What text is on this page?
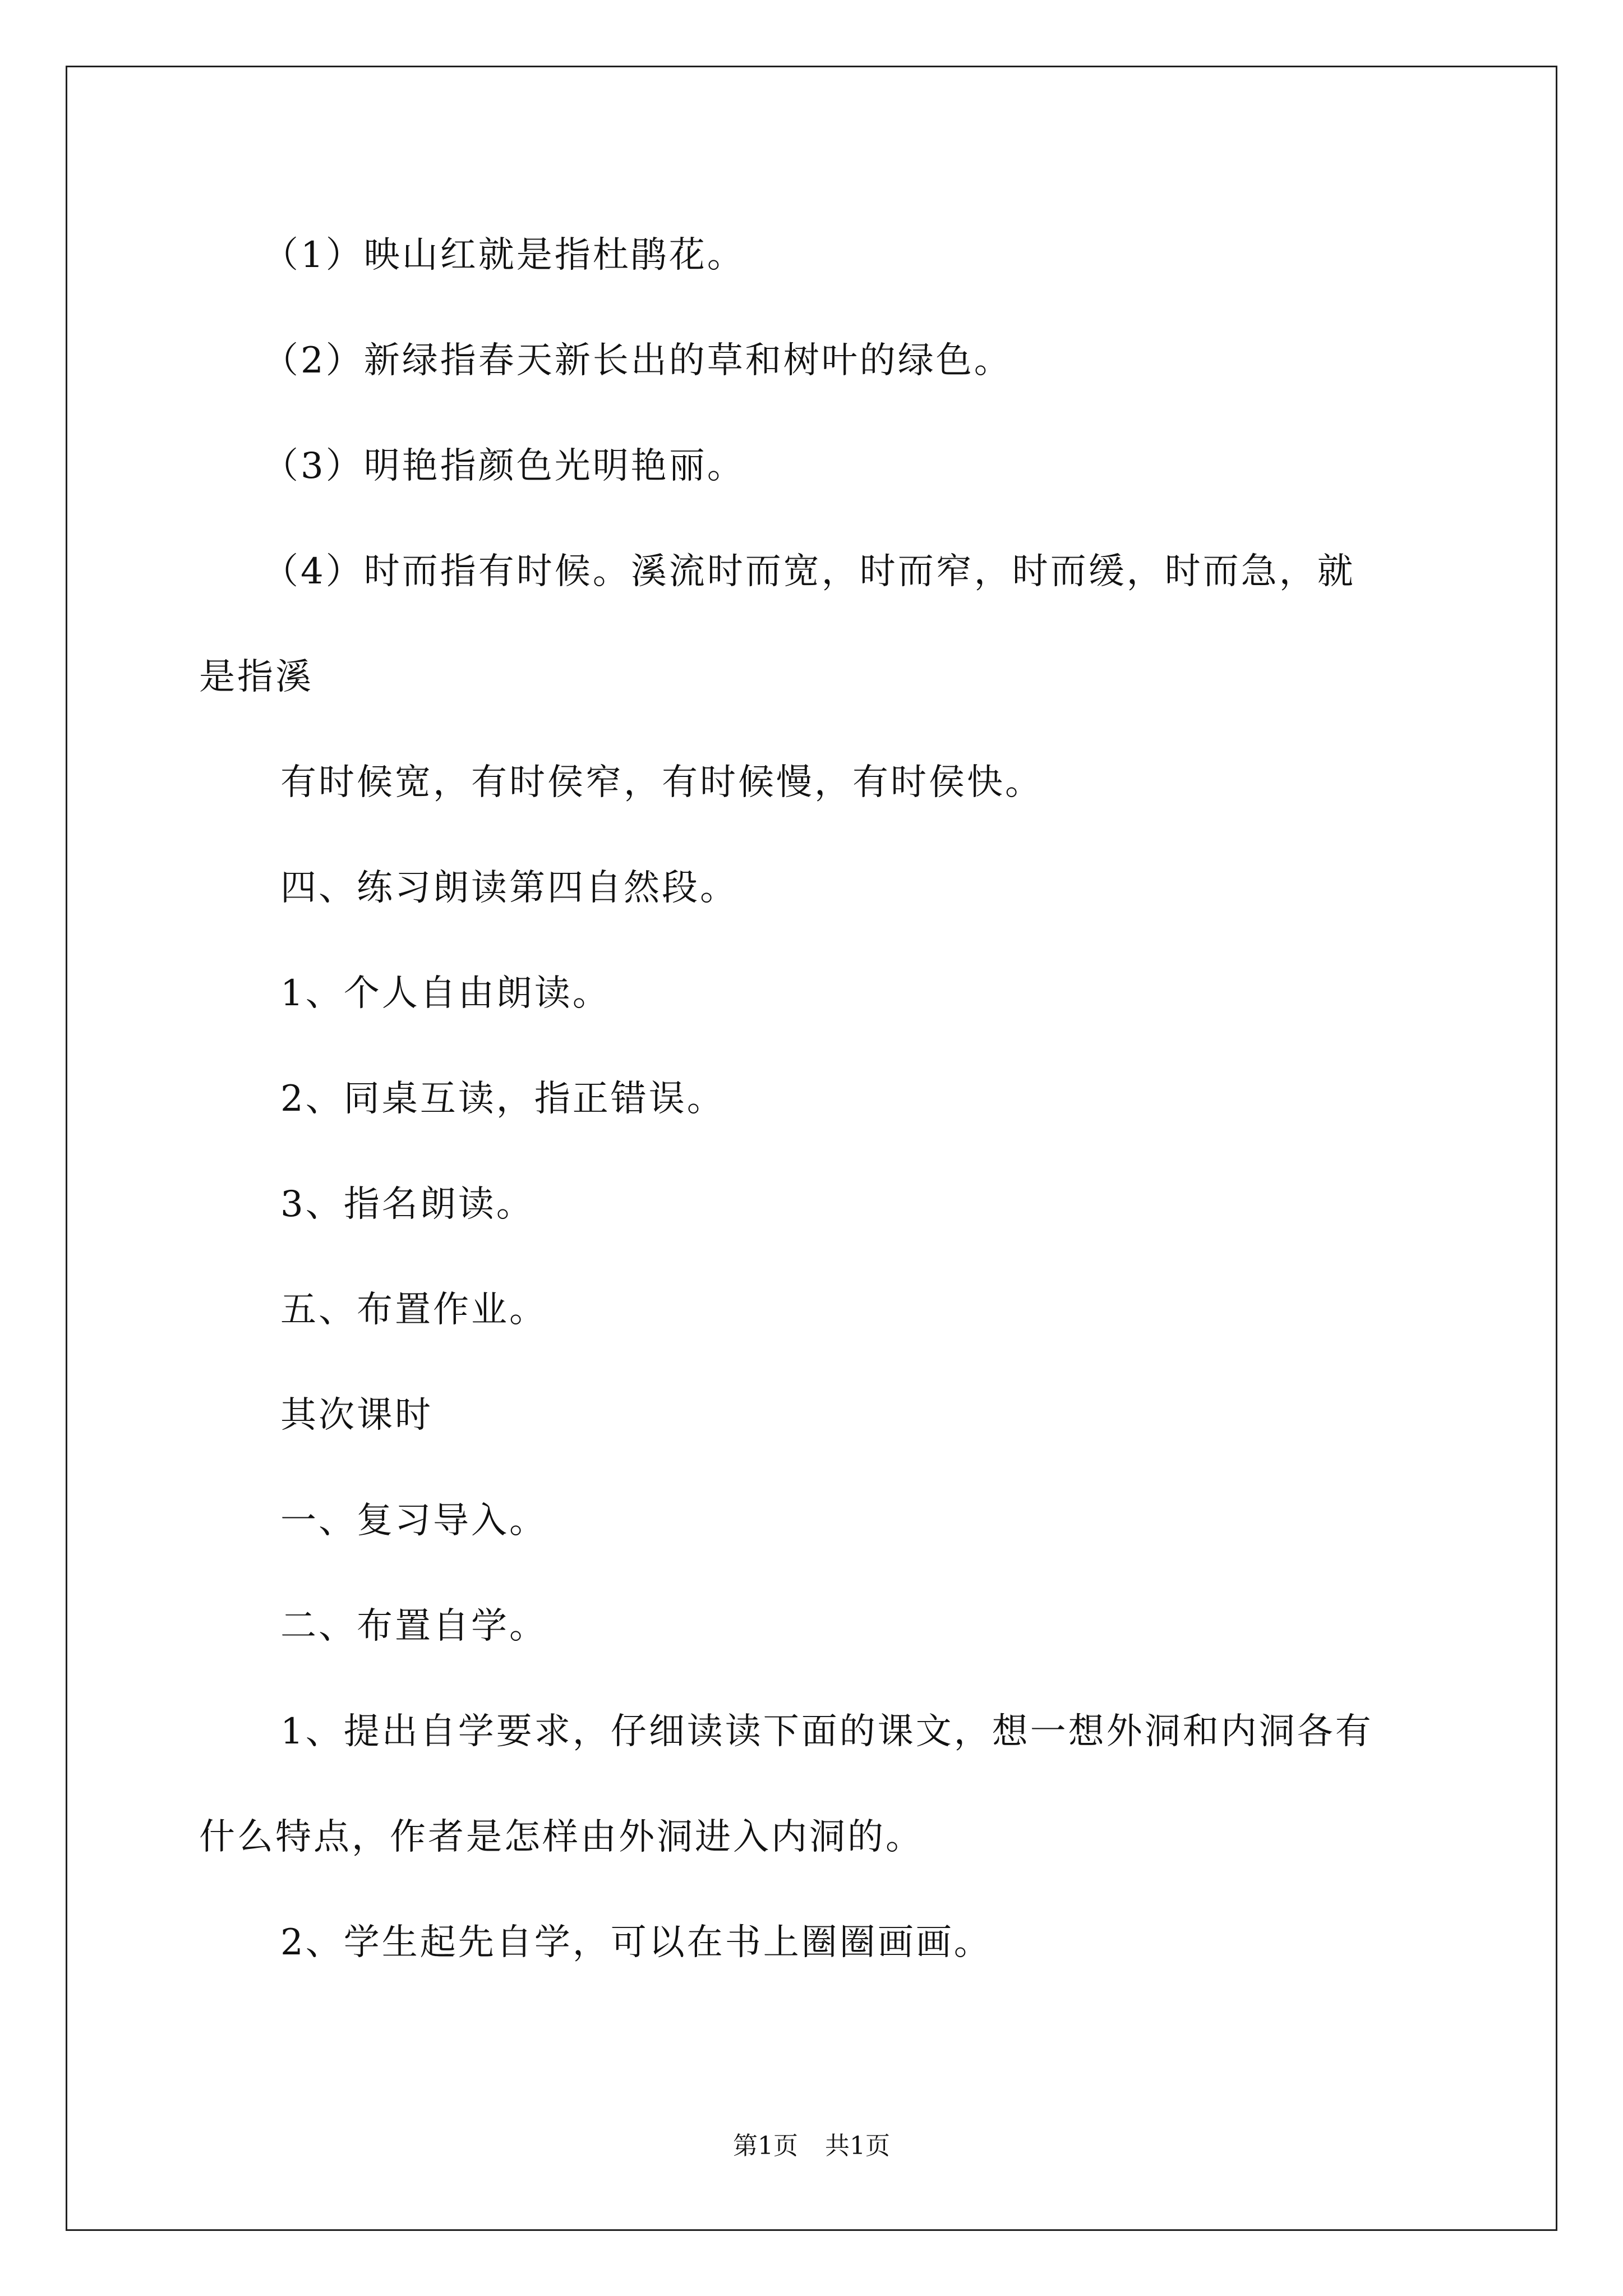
（1）映山红就是指杜鹃花。
（2）新绿指春天新长出的草和树叶的绿色。
（3）明艳指颜色光明艳丽。
（4）时而指有时候。溪流时而宽，时而窄，时而缓，时而急，就
是指溪
有时候宽，有时侯窄，有时候慢，有时侯快。
四、练习朗读第四自然段。
1、个人自由朗读。
2、同桌互读，指正错误。
3、指名朗读。
五、布置作业。
其次课时
一、复习导入。
二、布置自学。
1、提出自学要求，仔细读读下面的课文，想一想外洞和内洞各有
什么特点，作者是怎样由外洞进入内洞的。
2、学生起先自学，可以在书上圈圈画画。
第1页 共1页
